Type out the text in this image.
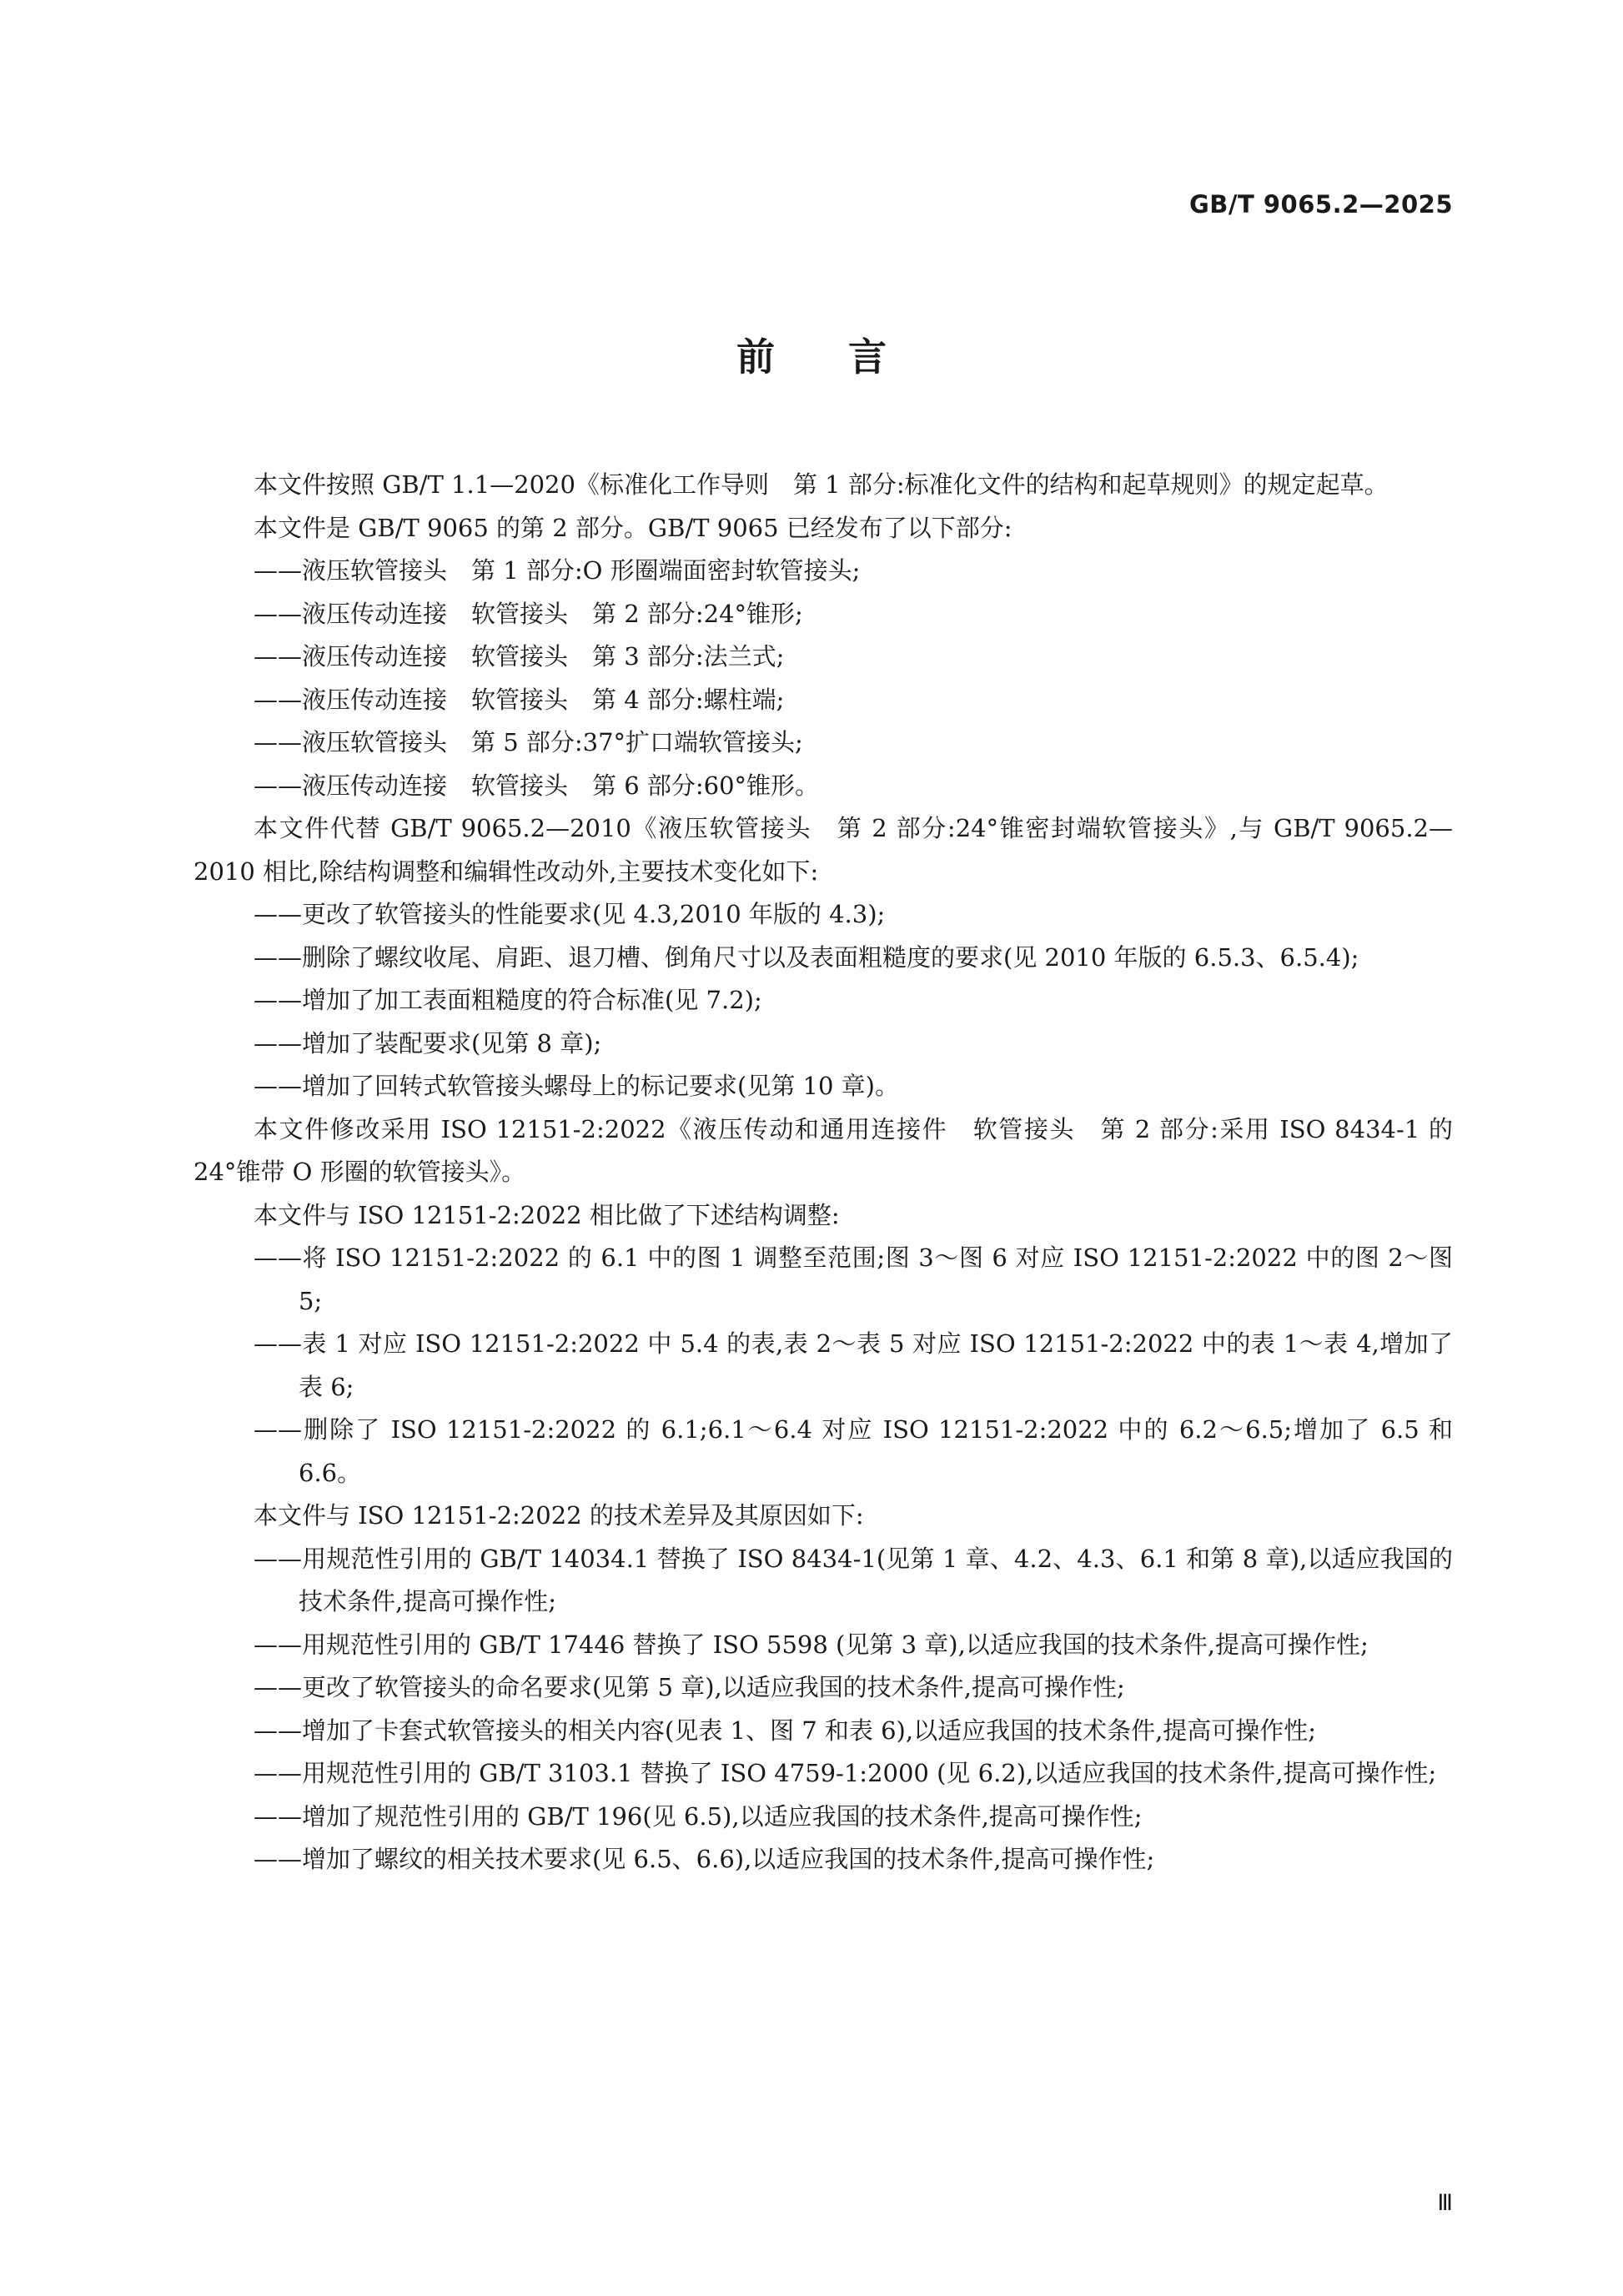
GB/T 9065.2—2025

前言

本文件按照 GB/T 1.1—2020《标准化工作导则　第 1 部分:标准化文件的结构和起草规则》的规定起草。

本文件是 GB/T 9065 的第 2 部分。GB/T 9065 已经发布了以下部分:

——液压软管接头　第 1 部分:O 形圈端面密封软管接头;

——液压传动连接　软管接头　第 2 部分:24°锥形;

——液压传动连接　软管接头　第 3 部分:法兰式;

——液压传动连接　软管接头　第 4 部分:螺柱端;

——液压软管接头　第 5 部分:37°扩口端软管接头;

——液压传动连接　软管接头　第 6 部分:60°锥形。

本文件代替 GB/T 9065.2—2010《液压软管接头　第 2 部分:24°锥密封端软管接头》,与 GB/T 9065.2—2010 相比,除结构调整和编辑性改动外,主要技术变化如下:

——更改了软管接头的性能要求(见 4.3,2010 年版的 4.3);

——删除了螺纹收尾、肩距、退刀槽、倒角尺寸以及表面粗糙度的要求(见 2010 年版的 6.5.3、6.5.4);

——增加了加工表面粗糙度的符合标准(见 7.2);

——增加了装配要求(见第 8 章);

——增加了回转式软管接头螺母上的标记要求(见第 10 章)。

本文件修改采用 ISO 12151-2:2022《液压传动和通用连接件　软管接头　第 2 部分:采用 ISO 8434-1 的 24°锥带 O 形圈的软管接头》。

本文件与 ISO 12151-2:2022 相比做了下述结构调整:

——将 ISO 12151-2:2022 的 6.1 中的图 1 调整至范围;图 3～图 6 对应 ISO 12151-2:2022 中的图 2～图 5;

——表 1 对应 ISO 12151-2:2022 中 5.4 的表,表 2～表 5 对应 ISO 12151-2:2022 中的表 1～表 4,增加了表 6;

——删除了 ISO 12151-2:2022 的 6.1;6.1～6.4 对应 ISO 12151-2:2022 中的 6.2～6.5;增加了 6.5 和 6.6。

本文件与 ISO 12151-2:2022 的技术差异及其原因如下:

——用规范性引用的 GB/T 14034.1 替换了 ISO 8434-1(见第 1 章、4.2、4.3、6.1 和第 8 章),以适应我国的技术条件,提高可操作性;

——用规范性引用的 GB/T 17446 替换了 ISO 5598 (见第 3 章),以适应我国的技术条件,提高可操作性;

——更改了软管接头的命名要求(见第 5 章),以适应我国的技术条件,提高可操作性;

——增加了卡套式软管接头的相关内容(见表 1、图 7 和表 6),以适应我国的技术条件,提高可操作性;

——用规范性引用的 GB/T 3103.1 替换了 ISO 4759-1:2000 (见 6.2),以适应我国的技术条件,提高可操作性;

——增加了规范性引用的 GB/T 196(见 6.5),以适应我国的技术条件,提高可操作性;

——增加了螺纹的相关技术要求(见 6.5、6.6),以适应我国的技术条件,提高可操作性;

Ⅲ
